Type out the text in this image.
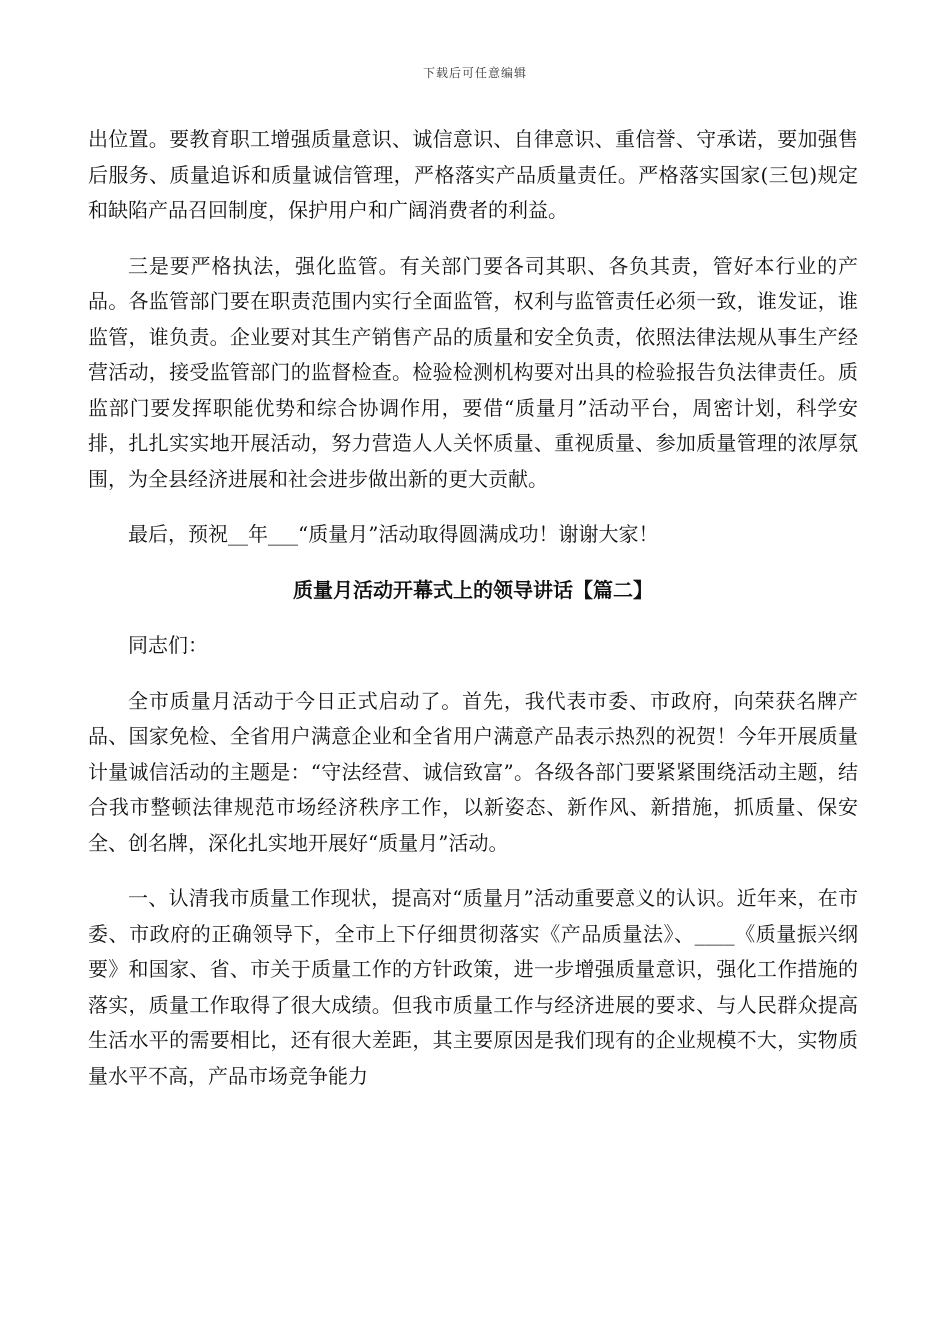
下载后可任意编辑

出位置。要教育职工增强质量意识、诚信意识、自律意识、重信誉、守承诺，要加强售后服务、质量追诉和质量诚信管理，严格落实产品质量责任。严格落实国家(三包)规定和缺陷产品召回制度，保护用户和广阔消费者的利益。

三是要严格执法，强化监管。有关部门要各司其职、各负其责，管好本行业的产品。各监管部门要在职责范围内实行全面监管，权利与监管责任必须一致，谁发证，谁监管，谁负责。企业要对其生产销售产品的质量和安全负责，依照法律法规从事生产经营活动，接受监管部门的监督检查。检验检测机构要对出具的检验报告负法律责任。质监部门要发挥职能优势和综合协调作用，要借“质量月”活动平台，周密计划，科学安排，扎扎实实地开展活动，努力营造人人关怀质量、重视质量、参加质量管理的浓厚氛围，为全县经济进展和社会进步做出新的更大贡献。

最后，预祝__年___“质量月”活动取得圆满成功！谢谢大家！

质量月活动开幕式上的领导讲话【篇二】

同志们：

全市质量月活动于今日正式启动了。首先，我代表市委、市政府，向荣获名牌产品、国家免检、全省用户满意企业和全省用户满意产品表示热烈的祝贺！今年开展质量计量诚信活动的主题是：“守法经营、诚信致富”。各级各部门要紧紧围绕活动主题，结合我市整顿法律规范市场经济秩序工作，以新姿态、新作风、新措施，抓质量、保安全、创名牌，深化扎实地开展好“质量月”活动。

一、认清我市质量工作现状，提高对“质量月”活动重要意义的认识。近年来，在市委、市政府的正确领导下，全市上下仔细贯彻落实《产品质量法》、____《质量振兴纲要》和国家、省、市关于质量工作的方针政策，进一步增强质量意识，强化工作措施的落实，质量工作取得了很大成绩。但我市质量工作与经济进展的要求、与人民群众提高生活水平的需要相比，还有很大差距，其主要原因是我们现有的企业规模不大，实物质量水平不高，产品市场竞争能力
